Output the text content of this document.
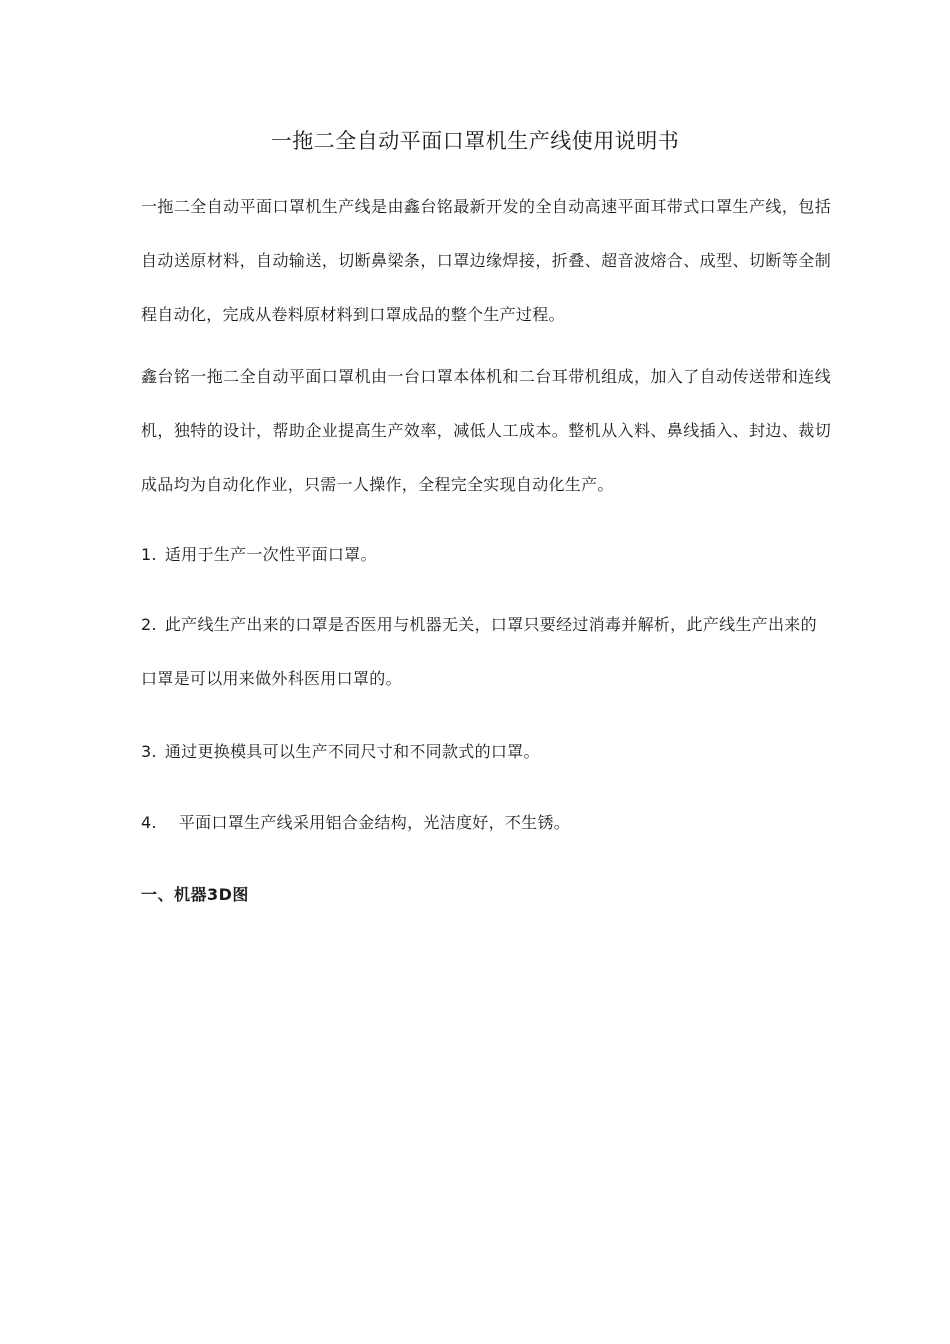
一拖二全自动平面口罩机生产线使用说明书

一拖二全自动平面口罩机生产线是由鑫台铭最新开发的全自动高速平面耳带式口罩生产线，包括自动送原材料，自动输送，切断鼻梁条，口罩边缘焊接，折叠、超音波熔合、成型、切断等全制程自动化，完成从卷料原材料到口罩成品的整个生产过程。

鑫台铭一拖二全自动平面口罩机由一台口罩本体机和二台耳带机组成，加入了自动传送带和连线机，独特的设计，帮助企业提高生产效率，减低人工成本。整机从入料、鼻线插入、封边、裁切成品均为自动化作业，只需一人操作，全程完全实现自动化生产。

1. 适用于生产一次性平面口罩。

2. 此产线生产出来的口罩是否医用与机器无关，口罩只要经过消毒并解析，此产线生产出来的口罩是可以用来做外科医用口罩的。

3. 通过更换模具可以生产不同尺寸和不同款式的口罩。

4. 平面口罩生产线采用铝合金结构，光洁度好，不生锈。

一、机器3D图
